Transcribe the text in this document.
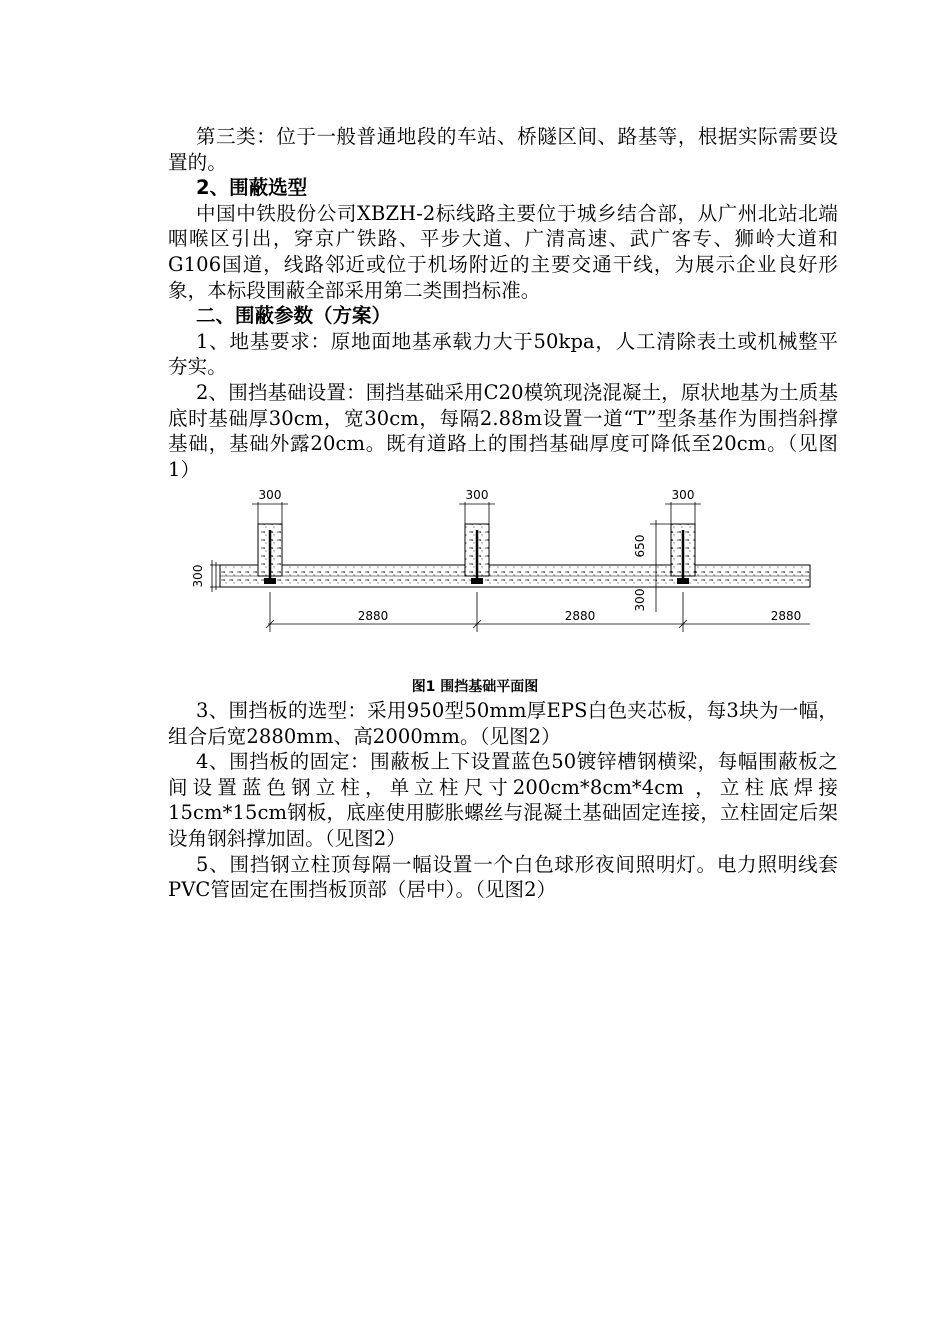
第三类：位于一般普通地段的车站、桥隧区间、路基等，根据实际需要设置的。

2、围蔽选型

中国中铁股份公司XBZH-2标线路主要位于城乡结合部，从广州北站北端咽喉区引出，穿京广铁路、平步大道、广清高速、武广客专、狮岭大道和G106国道，线路邻近或位于机场附近的主要交通干线，为展示企业良好形象，本标段围蔽全部采用第二类围挡标准。

二、围蔽参数（方案）

1、地基要求：原地面地基承载力大于50kpa，人工清除表土或机械整平夯实。

2、围挡基础设置：围挡基础采用C20模筑现浇混凝土，原状地基为土质基底时基础厚30cm，宽30cm，每隔2.88m设置一道“T”型条基作为围挡斜撑基础，基础外露20cm。既有道路上的围挡基础厚度可降低至20cm。（见图1）

300	300	300
300
650
300
2880	2880	2880
图1 围挡基础平面图

3、围挡板的选型：采用950型50mm厚EPS白色夹芯板，每3块为一幅，组合后宽2880mm、高2000mm。（见图2）

4、围挡板的固定：围蔽板上下设置蓝色50镀锌槽钢横梁，每幅围蔽板之间设置蓝色钢立柱，单立柱尺寸200cm*8cm*4cm ，立柱底焊接15cm*15cm钢板，底座使用膨胀螺丝与混凝土基础固定连接，立柱固定后架设角钢斜撑加固。（见图2）

5、围挡钢立柱顶每隔一幅设置一个白色球形夜间照明灯。电力照明线套PVC管固定在围挡板顶部（居中）。（见图2）
